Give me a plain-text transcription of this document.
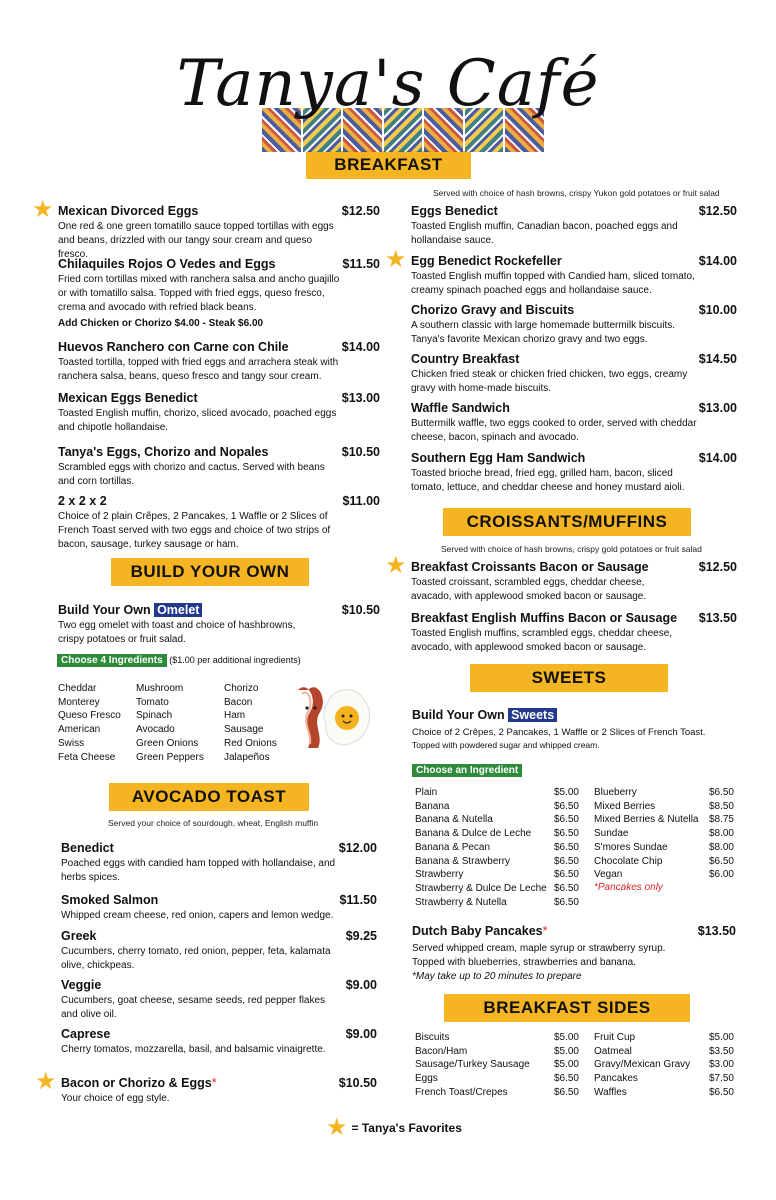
Tanya's Café
BREAKFAST
Served with choice of hash browns, crispy Yukon gold potatoes or fruit salad
Mexican Divorced Eggs	$12.50
One red & one green tomatillo sauce topped tortillas with eggs and beans, drizzled with our tangy sour cream and queso fresco.
★
Chilaquiles Rojos O Vedes and Eggs	$11.50
Fried corn tortillas mixed with ranchera salsa and ancho guajillo or with tomatillo salsa. Topped with fried eggs, queso fresco, crema and avocado with refried black beans.
Add Chicken or Chorizo $4.00 - Steak $6.00
Huevos Ranchero con Carne con Chile	$14.00
Toasted tortilla, topped with fried eggs and arrachera steak with ranchera salsa, beans, queso fresco and tangy sour cream.
Mexican Eggs Benedict	$13.00
Toasted English muffin, chorizo, sliced avocado, poached eggs and chipotle hollandaise.
Tanya's Eggs, Chorizo and Nopales	$10.50
Scrambled eggs with chorizo and cactus. Served with beans and corn tortillas.
2 x 2 x 2	$11.00
Choice of 2 plain Crêpes, 2 Pancakes, 1 Waffle or 2 Slices of French Toast served with two eggs and choice of two strips of bacon, sausage, turkey sausage or ham.
Eggs Benedict	$12.50
Toasted English muffin, Canadian bacon, poached eggs and hollandaise sauce.
Egg Benedict Rockefeller	$14.00
Toasted English muffin topped with Candied ham, sliced tomato, creamy spinach poached eggs and hollandaise sauce.
★
Chorizo Gravy and Biscuits	$10.00
A southern classic with large homemade buttermilk biscuits. Tanya's favorite Mexican chorizo gravy and two eggs.
Country Breakfast	$14.50
Chicken fried steak or chicken fried chicken, two eggs, creamy gravy with home-made biscuits.
Waffle Sandwich	$13.00
Buttermilk waffle, two eggs cooked to order, served with cheddar cheese, bacon, spinach and avocado.
Southern Egg Ham Sandwich	$14.00
Toasted brioche bread, fried egg, grilled ham, bacon, sliced tomato, lettuce, and cheddar cheese and honey mustard aioli.
BUILD YOUR OWN
Build Your Own Omelet	$10.50
Two egg omelet with toast and choice of hashbrowns, crispy potatoes or fruit salad.
Choose 4 Ingredients ($1.00 per additional ingredients)
Cheddar	Mushroom	Chorizo
Monterey	Tomato	Bacon
Queso Fresco	Spinach	Ham
American	Avocado	Sausage
Swiss	Green Onions	Red Onions
Feta Cheese	Green Peppers	Jalapeños
AVOCADO TOAST
Served your choice of sourdough, wheat, English muffin
Benedict	$12.00
Poached eggs with candied ham topped with hollandaise, and herbs spices.
Smoked Salmon	$11.50
Whipped cream cheese, red onion, capers and lemon wedge.
Greek	$9.25
Cucumbers, cherry tomato, red onion, pepper, feta, kalamata olive, chickpeas.
Veggie	$9.00
Cucumbers, goat cheese, sesame seeds, red pepper flakes and olive oil.
Caprese	$9.00
Cherry tomatos, mozzarella, basil, and balsamic vinaigrette.
Bacon or Chorizo & Eggs*	$10.50
Your choice of egg style.
★
CROISSANTS/MUFFINS
Served with choice of hash browns, crispy gold potatoes or fruit salad
Breakfast Croissants Bacon or Sausage	$12.50
Toasted croissant, scrambled eggs, cheddar cheese, avacado, with applewood smoked bacon or sausage.
★
Breakfast English Muffins Bacon or Sausage $13.50
Toasted English muffins, scrambled eggs, cheddar cheese, avocado, with applewood smoked bacon or sausage.
SWEETS
Build Your Own Sweets
Choice of 2 Crêpes, 2 Pancakes, 1 Waffle or 2 Slices of French Toast.
Topped with powdered sugar and whipped cream.
Choose an Ingredient
Plain	$5.00
Banana	$6.50
Banana & Nutella	$6.50
Banana & Dulce de Leche $6.50
Banana & Pecan	$6.50
Banana & Strawberry	$6.50
Strawberry	$6.50
Strawberry & Dulce De Leche $6.50
Strawberry & Nutella	$6.50
Blueberry	$6.50
Mixed Berries	$8.50
Mixed Berries & Nutella $8.75
Sundae	$8.00
S'mores Sundae	$8.00
Chocolate Chip	$6.50
Vegan	$6.00
*Pancakes only
Dutch Baby Pancakes*	$13.50
Served whipped cream, maple syrup or strawberry syrup. Topped with blueberries, strawberries and banana.
*May take up to 20 minutes to prepare
BREAKFAST SIDES
Biscuits	$5.00
Bacon/Ham	$5.00
Sausage/Turkey Sausage $5.00
Eggs	$6.50
French Toast/Crepes	$6.50
Fruit Cup	$5.00
Oatmeal	$3.50
Gravy/Mexican Gravy $3.00
Pancakes	$7.50
Waffles	$6.50
★ = Tanya's Favorites
